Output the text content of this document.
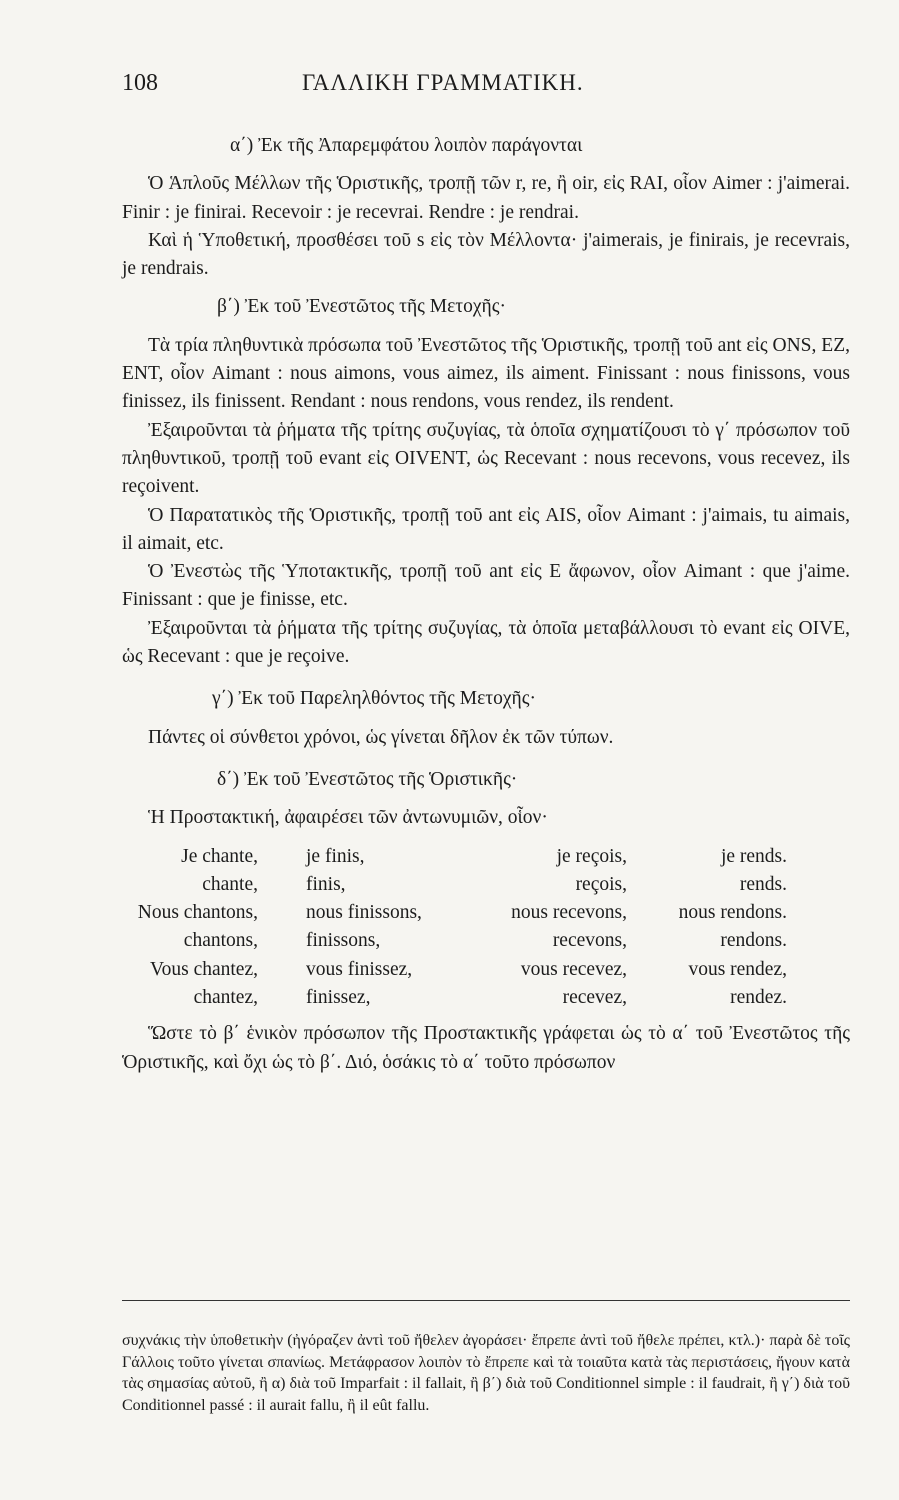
108	ΓΑΛΛΙΚΗ ΓΡΑΜΜΑΤΙΚΗ.

α΄) Ἐκ τῆς Ἀπαρεμφάτου λοιπὸν παράγονται

Ὁ Ἁπλοῦς Μέλλων τῆς Ὁριστικῆς, τροπῇ τῶν r, re, ἢ oir, εἰς RAI, οἷον Aimer : j'aimerai. Finir : je finirai. Recevoir : je recevrai. Rendre : je rendrai.

Καὶ ἡ Ὑποθετική, προσθέσει τοῦ s εἰς τὸν Μέλλοντα· j'aimerais, je finirais, je recevrais, je rendrais.

β΄) Ἐκ τοῦ Ἐνεστῶτος τῆς Μετοχῆς·

Τὰ τρία πληθυντικὰ πρόσωπα τοῦ Ἐνεστῶτος τῆς Ὁριστικῆς, τροπῇ τοῦ ant εἰς ONS, EZ, ENT, οἷον Aimant : nous aimons, vous aimez, ils aiment. Finissant : nous finissons, vous finissez, ils finissent. Rendant : nous rendons, vous rendez, ils rendent.

Ἐξαιροῦνται τὰ ῥήματα τῆς τρίτης συζυγίας, τὰ ὁποῖα σχηματίζουσι τὸ γ΄ πρόσωπον τοῦ πληθυντικοῦ, τροπῇ τοῦ evant εἰς OIVENT, ὡς Recevant : nous recevons, vous recevez, ils reçoivent.

Ὁ Παρατατικὸς τῆς Ὁριστικῆς, τροπῇ τοῦ ant εἰς AIS, οἷον Aimant : j'aimais, tu aimais, il aimait, etc.

Ὁ Ἐνεστὼς τῆς Ὑποτακτικῆς, τροπῇ τοῦ ant εἰς E ἄφωνον, οἷον Aimant : que j'aime. Finissant : que je finisse, etc.

Ἐξαιροῦνται τὰ ῥήματα τῆς τρίτης συζυγίας, τὰ ὁποῖα μεταβάλλουσι τὸ evant εἰς OIVE, ὡς Recevant : que je reçoive.

γ΄) Ἐκ τοῦ Παρεληλθόντος τῆς Μετοχῆς·

Πάντες οἱ σύνθετοι χρόνοι, ὡς γίνεται δῆλον ἐκ τῶν τύπων.

δ΄) Ἐκ τοῦ Ἐνεστῶτος τῆς Ὁριστικῆς·

Ἡ Προστακτική, ἀφαιρέσει τῶν ἀντωνυμιῶν, οἷον·

Je chante,	je finis,	je reçois,	je rends.
chante,	finis,	reçois,	rends.
Nous chantons,	nous finissons,	nous recevons,	nous rendons.
chantons,	finissons,	recevons,	rendons.
Vous chantez,	vous finissez,	vous recevez,	vous rendez,
chantez,	finissez,	recevez,	rendez.

Ὥστε τὸ β΄ ἑνικὸν πρόσωπον τῆς Προστακτικῆς γράφεται ὡς τὸ α΄ τοῦ Ἐνεστῶτος τῆς Ὁριστικῆς, καὶ ὄχι ὡς τὸ β΄. Διό, ὁσάκις τὸ α΄ τοῦτο πρόσωπον

συχνάκις τὴν ὑποθετικὴν (ἠγόραζεν ἀντὶ τοῦ ἤθελεν ἀγοράσει· ἔπρεπε ἀντὶ τοῦ ἤθελε πρέπει, κτλ.)· παρὰ δὲ τοῖς Γάλλοις τοῦτο γίνεται σπανίως. Μετάφρασον λοιπὸν τὸ ἔπρεπε καὶ τὰ τοιαῦτα κατὰ τὰς περιστάσεις, ἤγουν κατὰ τὰς σημασίας αὐτοῦ, ἢ α) διὰ τοῦ Imparfait : il fallait, ἢ β΄) διὰ τοῦ Conditionnel simple : il faudrait, ἢ γ΄) διὰ τοῦ Conditionnel passé : il aurait fallu, ἢ il eût fallu.
